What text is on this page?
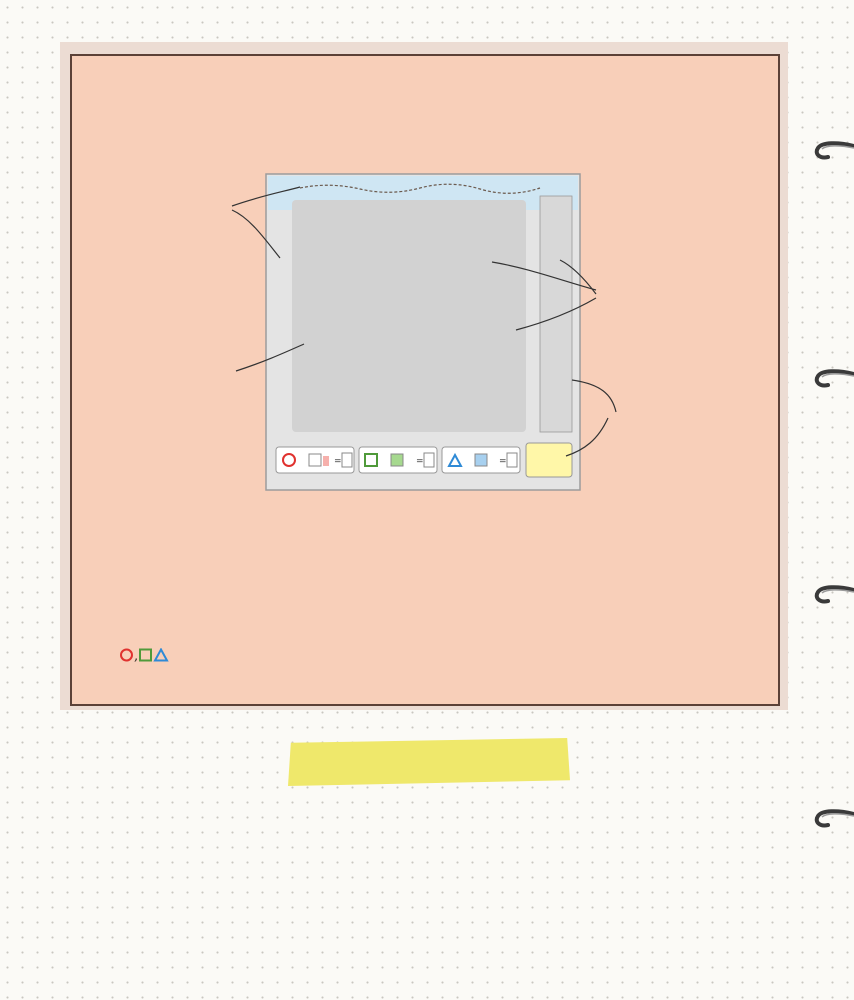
=	=	=

,
